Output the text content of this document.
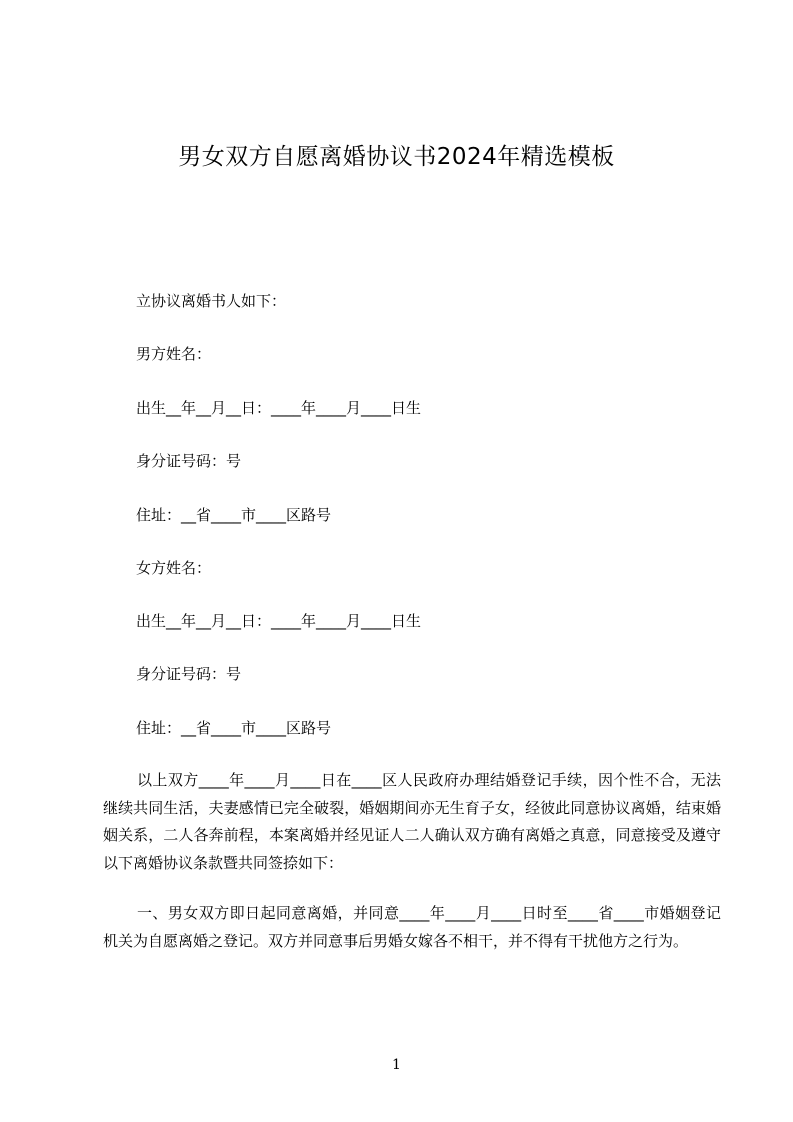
男女双方自愿离婚协议书2024年精选模板
立协议离婚书人如下：
男方姓名：
出生__年__月__日：____年____月____日生
身分证号码：号
住址：__省____市____区路号
女方姓名：
出生__年__月__日：____年____月____日生
身分证号码：号
住址：__省____市____区路号

以上双方____年____月____日在____区人民政府办理结婚登记手续，因个性不合，无法继续共同生活，夫妻感情已完全破裂，婚姻期间亦无生育子女，经彼此同意协议离婚，结束婚姻关系，二人各奔前程，本案离婚并经见证人二人确认双方确有离婚之真意，同意接受及遵守以下离婚协议条款暨共同签捺如下：

一、男女双方即日起同意离婚，并同意____年____月____日时至____省____市婚姻登记机关为自愿离婚之登记。双方并同意事后男婚女嫁各不相干，并不得有干扰他方之行为。

1
